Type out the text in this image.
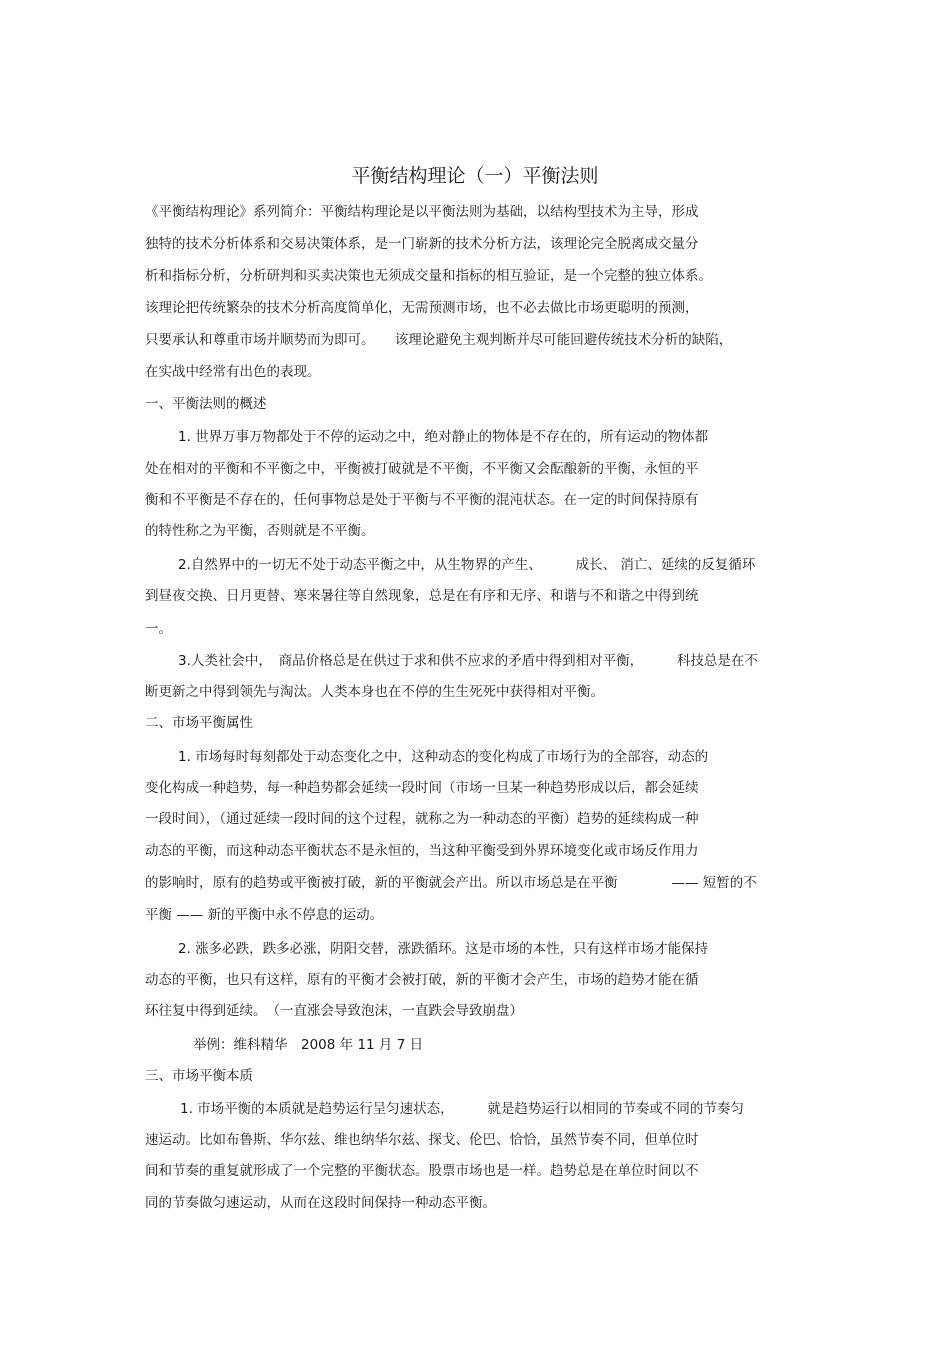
平衡结构理论（一）平衡法则
《平衡结构理论》系列简介：平衡结构理论是以平衡法则为基础，以结构型技术为主导，形成
独特的技术分析体系和交易决策体系，是一门崭新的技术分析方法，该理论完全脱离成交量分
析和指标分析，分析研判和买卖决策也无须成交量和指标的相互验证，是一个完整的独立体系。
该理论把传统繁杂的技术分析高度简单化，无需预测市场，也不必去做比市场更聪明的预测，
只要承认和尊重市场并顺势而为即可。　　该理论避免主观判断并尽可能回避传统技术分析的缺陷，
在实战中经常有出色的表现。
一、平衡法则的概述
1. 世界万事万物都处于不停的运动之中，绝对静止的物体是不存在的，所有运动的物体都
处在相对的平衡和不平衡之中，平衡被打破就是不平衡，不平衡又会酝酿新的平衡，永恒的平
衡和不平衡是不存在的，任何事物总是处于平衡与不平衡的混沌状态。在一定的时间保持原有
的特性称之为平衡，否则就是不平衡。
2.自然界中的一切无不处于动态平衡之中，从生物界的产生、　　　成长、 消亡、延续的反复循环
到昼夜交换、日月更替、寒来暑往等自然现象，总是在有序和无序、和谐与不和谐之中得到统
一。
3.人类社会中，　商品价格总是在供过于求和供不应求的矛盾中得到相对平衡，　　　科技总是在不
断更新之中得到领先与淘汰。人类本身也在不停的生生死死中获得相对平衡。
二、市场平衡属性
1. 市场每时每刻都处于动态变化之中，这种动态的变化构成了市场行为的全部容，动态的
变化构成一种趋势，每一种趋势都会延续一段时间（市场一旦某一种趋势形成以后，都会延续
一段时间），（通过延续一段时间的这个过程，就称之为一种动态的平衡）趋势的延续构成一种
动态的平衡，而这种动态平衡状态不是永恒的，当这种平衡受到外界环境变化或市场反作用力
的影响时，原有的趋势或平衡被打破，新的平衡就会产出。所以市场总是在平衡　　　　—— 短暂的不
平衡 —— 新的平衡中永不停息的运动。
2. 涨多必跌，跌多必涨，阴阳交替，涨跌循环。这是市场的本性，只有这样市场才能保持
动态的平衡，也只有这样，原有的平衡才会被打破，新的平衡才会产生，市场的趋势才能在循
环往复中得到延续。　（一直涨会导致泡沫，一直跌会导致崩盘）
举例：维科精华　2008 年 11 月 7 日
三、市场平衡本质
1. 市场平衡的本质就是趋势运行呈匀速状态，　　　就是趋势运行以相同的节奏或不同的节奏匀
速运动。比如布鲁斯、华尔兹、维也纳华尔兹、探戈、伦巴、恰恰，虽然节奏不同，但单位时
间和节奏的重复就形成了一个完整的平衡状态。股票市场也是一样。趋势总是在单位时间以不
同的节奏做匀速运动，从而在这段时间保持一种动态平衡。
